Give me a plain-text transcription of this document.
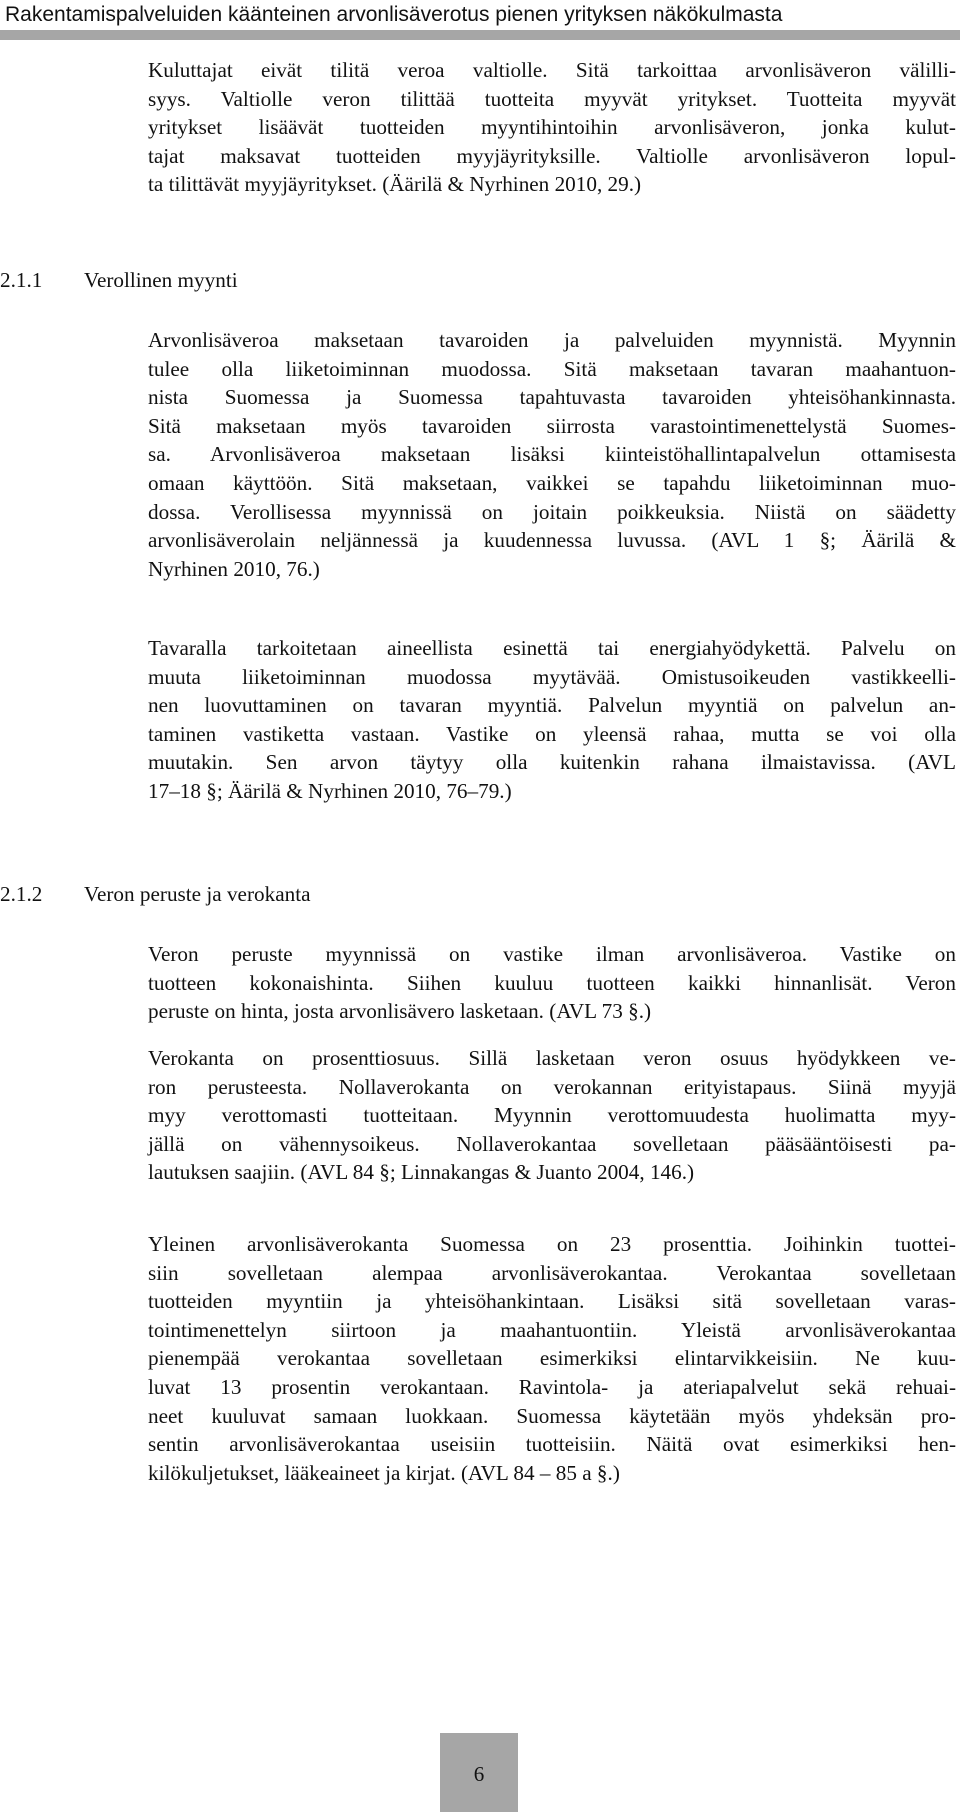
Rakentamispalveluiden käänteinen arvonlisäverotus pienen yrityksen näkökulmasta
Kuluttajat eivät tilitä veroa valtiolle. Sitä tarkoittaa arvonlisäveron välilli-
syys. Valtiolle veron tilittää tuotteita myyvät yritykset. Tuotteita myyvät
yritykset lisäävät tuotteiden myyntihintoihin arvonlisäveron, jonka kulut-
tajat maksavat tuotteiden myyjäyrityksille. Valtiolle arvonlisäveron lopul-
ta tilittävät myyjäyritykset. (Äärilä & Nyrhinen 2010, 29.)
2.1.1 Verollinen myynti
Arvonlisäveroa maksetaan tavaroiden ja palveluiden myynnistä. Myynnin
tulee olla liiketoiminnan muodossa. Sitä maksetaan tavaran maahantuon-
nista Suomessa ja Suomessa tapahtuvasta tavaroiden yhteisöhankinnasta.
Sitä maksetaan myös tavaroiden siirrosta varastointimenettelystä Suomes-
sa. Arvonlisäveroa maksetaan lisäksi kiinteistöhallintapalvelun ottamisesta
omaan käyttöön. Sitä maksetaan, vaikkei se tapahdu liiketoiminnan muo-
dossa. Verollisessa myynnissä on joitain poikkeuksia. Niistä on säädetty
arvonlisäverolain neljännessä ja kuudennessa luvussa. (AVL 1 §; Äärilä &
Nyrhinen 2010, 76.)
Tavaralla tarkoitetaan aineellista esinettä tai energiahyödykettä. Palvelu on
muuta liiketoiminnan muodossa myytävää. Omistusoikeuden vastikkeelli-
nen luovuttaminen on tavaran myyntiä. Palvelun myyntiä on palvelun an-
taminen vastiketta vastaan. Vastike on yleensä rahaa, mutta se voi olla
muutakin. Sen arvon täytyy olla kuitenkin rahana ilmaistavissa. (AVL
17–18 §; Äärilä & Nyrhinen 2010, 76–79.)
2.1.2 Veron peruste ja verokanta
Veron peruste myynnissä on vastike ilman arvonlisäveroa. Vastike on
tuotteen kokonaishinta. Siihen kuuluu tuotteen kaikki hinnanlisät. Veron
peruste on hinta, josta arvonlisävero lasketaan. (AVL 73 §.)
Verokanta on prosenttiosuus. Sillä lasketaan veron osuus hyödykkeen ve-
ron perusteesta. Nollaverokanta on verokannan erityistapaus. Siinä myyjä
myy verottomasti tuotteitaan. Myynnin verottomuudesta huolimatta myy-
jällä on vähennysoikeus. Nollaverokantaa sovelletaan pääsääntöisesti pa-
lautuksen saajiin. (AVL 84 §; Linnakangas & Juanto 2004, 146.)
Yleinen arvonlisäverokanta Suomessa on 23 prosenttia. Joihinkin tuottei-
siin sovelletaan alempaa arvonlisäverokantaa. Verokantaa sovelletaan
tuotteiden myyntiin ja yhteisöhankintaan. Lisäksi sitä sovelletaan varas-
tointimenettelyn siirtoon ja maahantuontiin. Yleistä arvonlisäverokantaa
pienempää verokantaa sovelletaan esimerkiksi elintarvikkeisiin. Ne kuu-
luvat 13 prosentin verokantaan. Ravintola- ja ateriapalvelut sekä rehuai-
neet kuuluvat samaan luokkaan. Suomessa käytetään myös yhdeksän pro-
sentin arvonlisäverokantaa useisiin tuotteisiin. Näitä ovat esimerkiksi hen-
kilökuljetukset, lääkeaineet ja kirjat. (AVL 84 – 85 a §.)
6
